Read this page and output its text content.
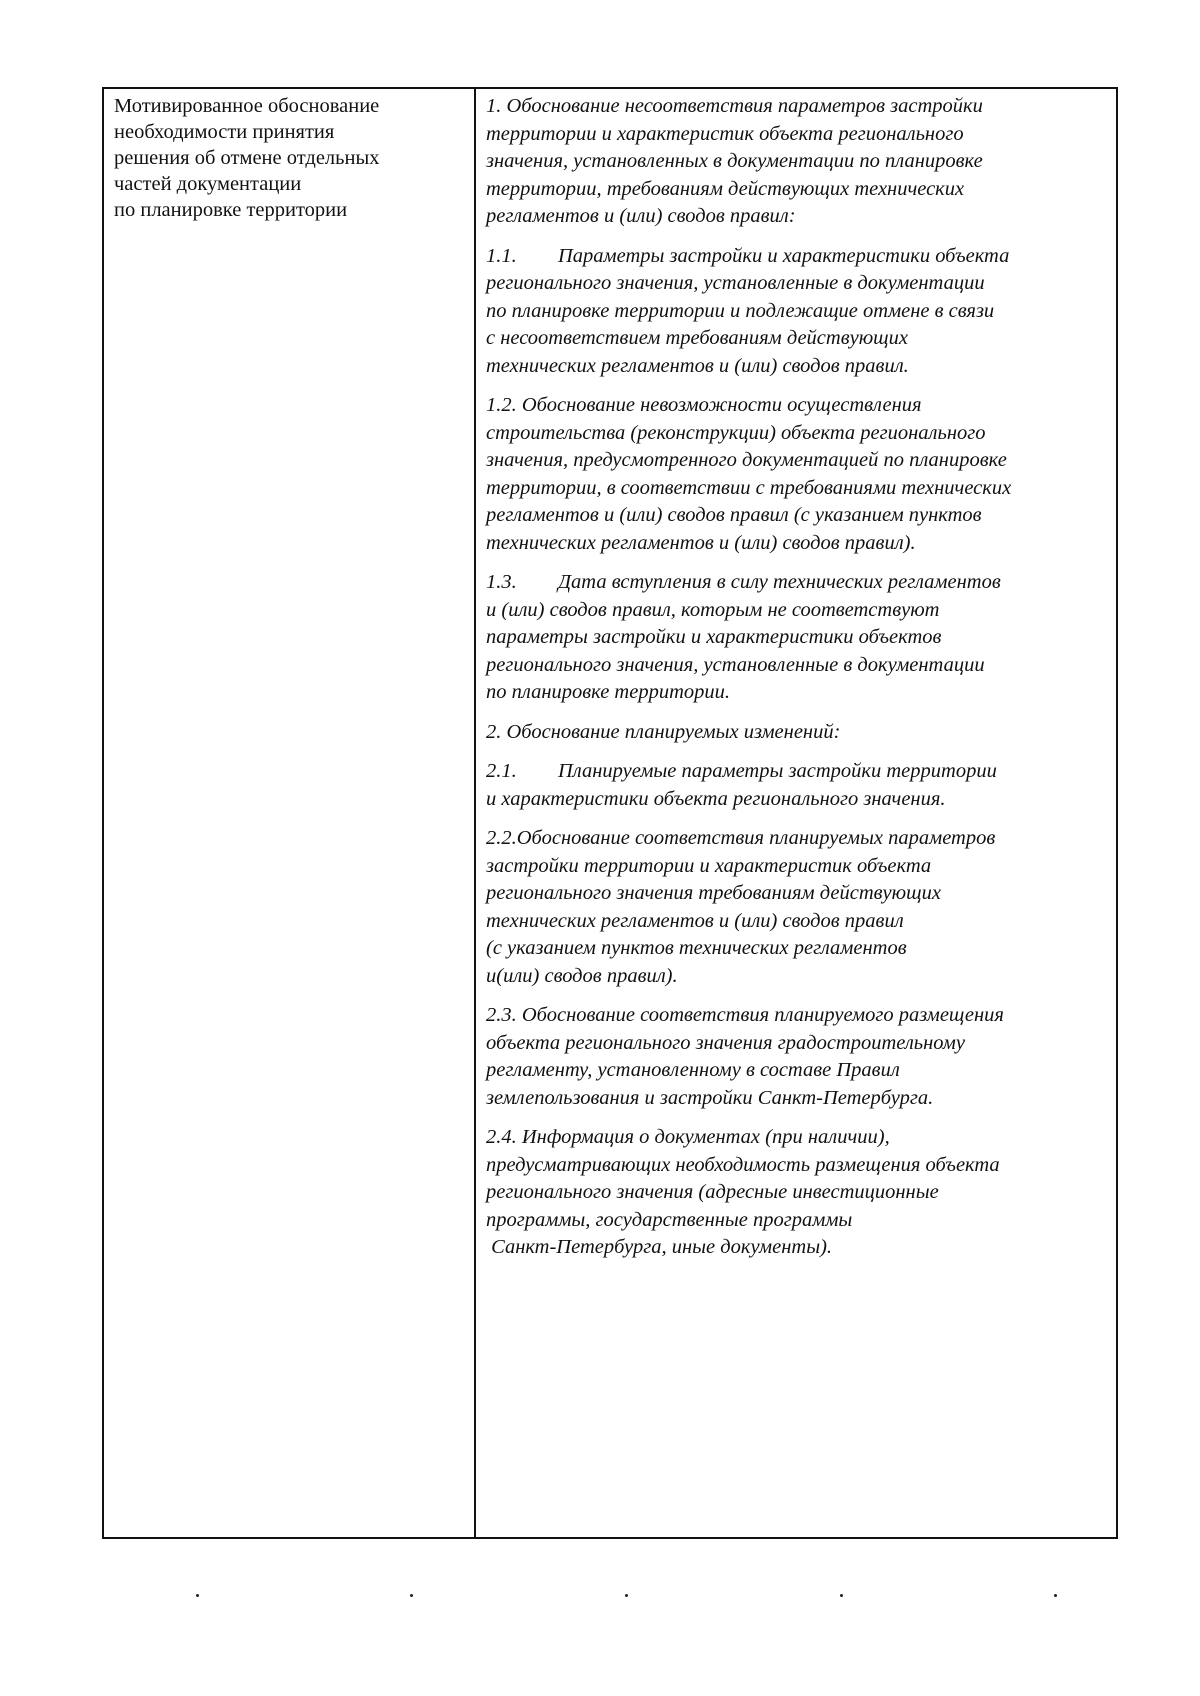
Мотивированное обоснование
необходимости принятия
решения об отмене отдельных
частей документации
по планировке территории
1. Обоснование несоответствия параметров застройки
территории и характеристик объекта регионального
значения, установленных в документации по планировке
территории, требованиям действующих технических
регламентов и (или) сводов правил:
1.1. Параметры застройки и характеристики объекта
регионального значения, установленные в документации
по планировке территории и подлежащие отмене в связи
с несоответствием требованиям действующих
технических регламентов и (или) сводов правил.
1.2. Обоснование невозможности осуществления
строительства (реконструкции) объекта регионального
значения, предусмотренного документацией по планировке
территории, в соответствии с требованиями технических
регламентов и (или) сводов правил (с указанием пунктов
технических регламентов и (или) сводов правил).
1.3. Дата вступления в силу технических регламентов
и (или) сводов правил, которым не соответствуют
параметры застройки и характеристики объектов
регионального значения, установленные в документации
по планировке территории.
2. Обоснование планируемых изменений:
2.1. Планируемые параметры застройки территории
и характеристики объекта регионального значения.
2.2.Обоснование соответствия планируемых параметров
застройки территории и характеристик объекта
регионального значения требованиям действующих
технических регламентов и (или) сводов правил
(с указанием пунктов технических регламентов
и(или) сводов правил).
2.3. Обоснование соответствия планируемого размещения
объекта регионального значения градостроительному
регламенту, установленному в составе Правил
землепользования и застройки Санкт-Петербурга.
2.4. Информация о документах (при наличии),
предусматривающих необходимость размещения объекта
регионального значения (адресные инвестиционные
программы, государственные программы
Санкт-Петербурга, иные документы).
